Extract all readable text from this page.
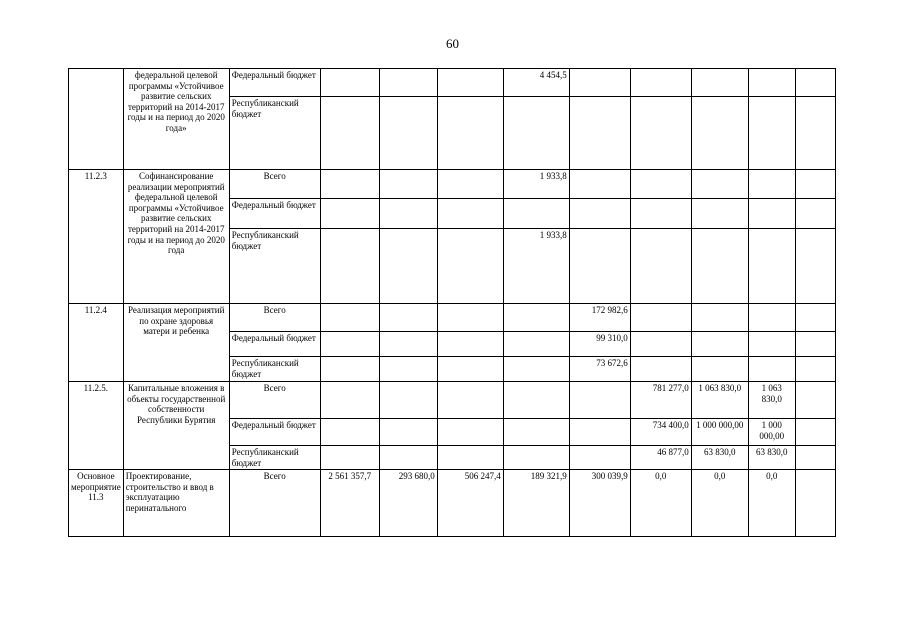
60
	федеральной целевой программы «Устойчивое развитие сельских территорий на 2014-2017 годы и на период до 2020 года»	Федеральный бюджет				4 454,5					
		Республиканский бюджет									
11.2.3	Софинансирование реализации мероприятий федеральной целевой программы «Устойчивое развитие сельских территорий на 2014-2017 годы и на период до 2020 года	Всего				1 933,8					
		Федеральный бюджет									
		Республиканский бюджет				1 933,8					
11.2.4	Реализация мероприятий по охране здоровья матери и ребенка	Всего					172 982,6				
		Федеральный бюджет					99 310,0				
		Республиканский бюджет					73 672,6				
11.2.5.	Капитальные вложения в объекты государственной собственности Республики Бурятия	Всего						781 277,0	1 063 830,0	1 063 830,0	
		Федеральный бюджет						734 400,0	1 000 000,00	1 000 000,00	
		Республиканский бюджет						46 877,0	63 830,0	63 830,0	
Основное мероприятие 11.3	Проектирование, строительство и ввод в эксплуатацию перинатального	Всего	2 561 357,7	293 680,0	506 247,4	189 321,9	300 039,9	0,0	0,0	0,0	
